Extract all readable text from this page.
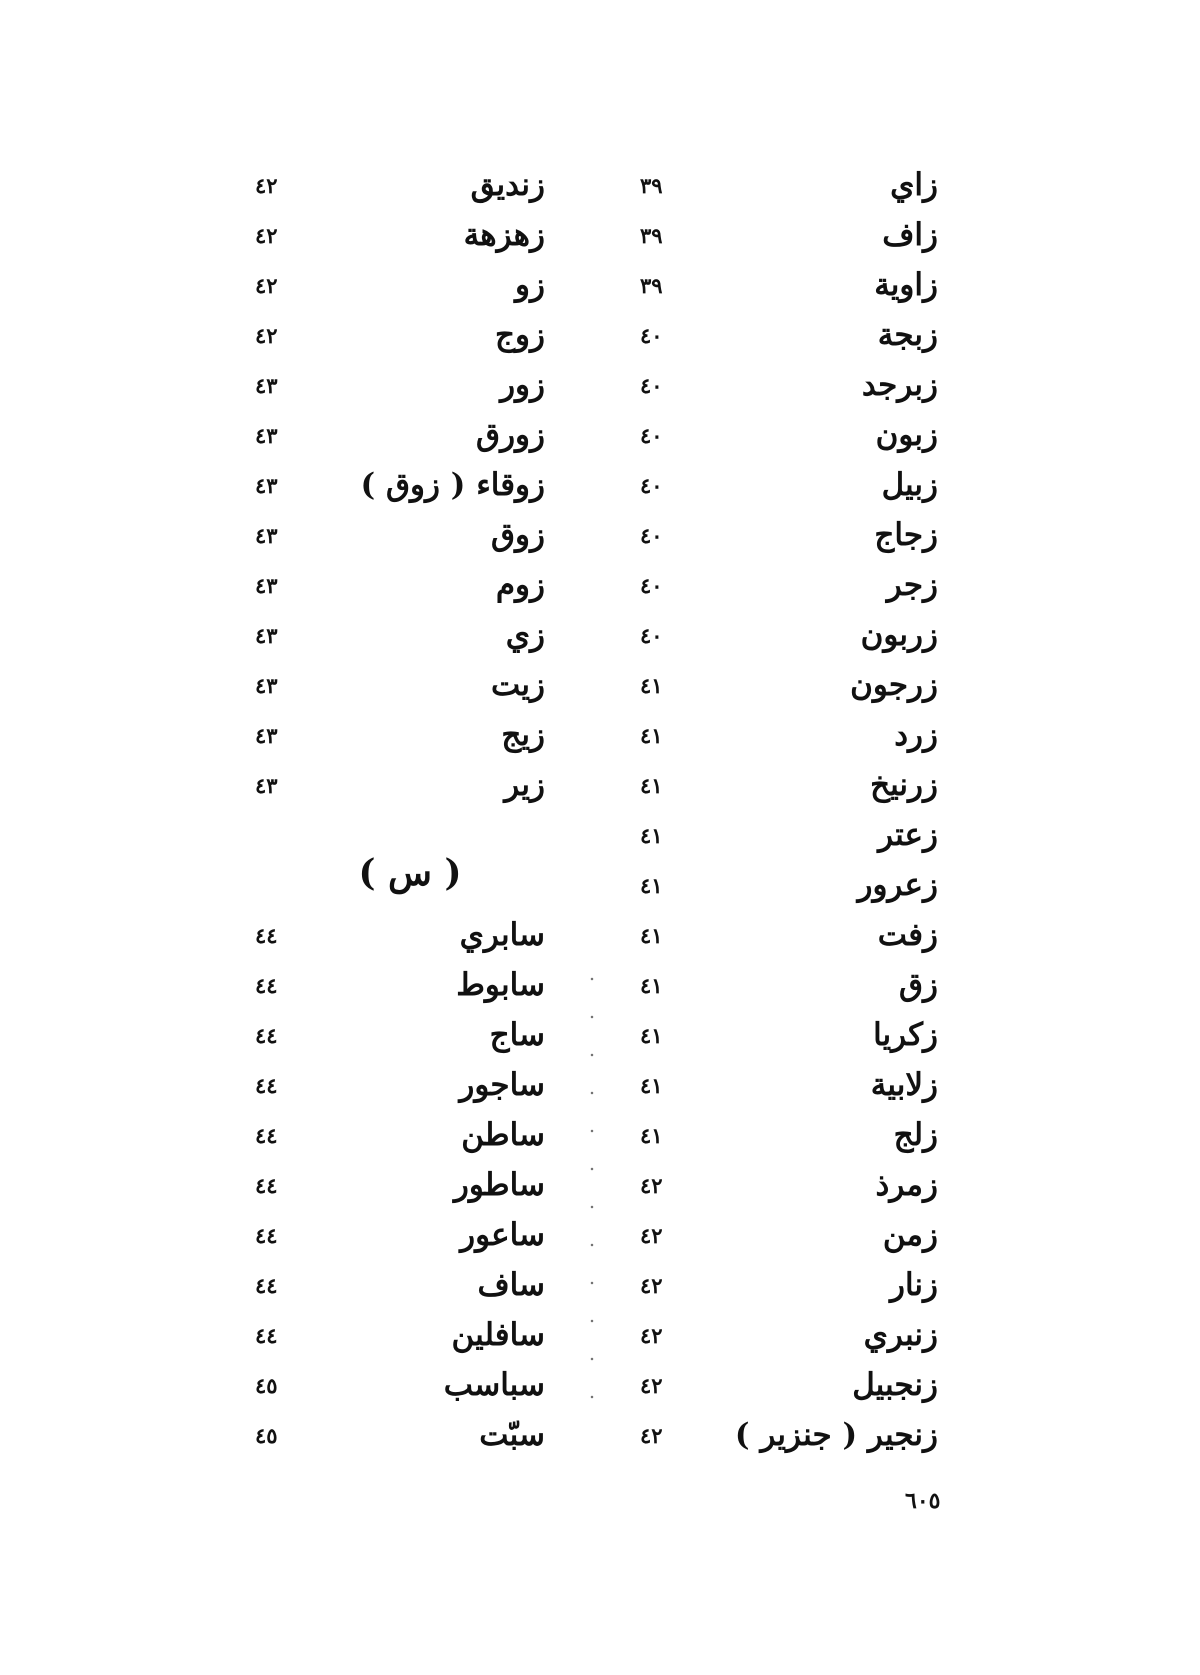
٣٩	زاي
٣٩	زاف
٣٩	زاوية
٤٠	زبجة
٤٠	زبرجد
٤٠	زبون
٤٠	زبيل
٤٠	زجاج
٤٠	زجر
٤٠	زربون
٤١	زرجون
٤١	زرد
٤١	زرنيخ
٤١	زعتر
٤١	زعرور
٤١	زفت
٤١	زق
٤١	زكريا
٤١	زلابية
٤١	زلج
٤٢	زمرذ
٤٢	زمن
٤٢	زنار
٤٢	زنبري
٤٢	زنجبيل
٤٢	زنجير ( جنزير )
٤٢	زنديق
٤٢	زهزهة
٤٢	زو
٤٢	زوج
٤٣	زور
٤٣	زورق
٤٣	زوقاء ( زوق )
٤٣	زوق
٤٣	زوم
٤٣	زي
٤٣	زيت
٤٣	زيج
٤٣	زير
٤٤	سابري
٤٤	سابوط
٤٤	ساج
٤٤	ساجور
٤٤	ساطن
٤٤	ساطور
٤٤	ساعور
٤٤	ساف
٤٤	سافلين
٤٥	سباسب
٤٥	سبّت
( س )
٦٠٥
